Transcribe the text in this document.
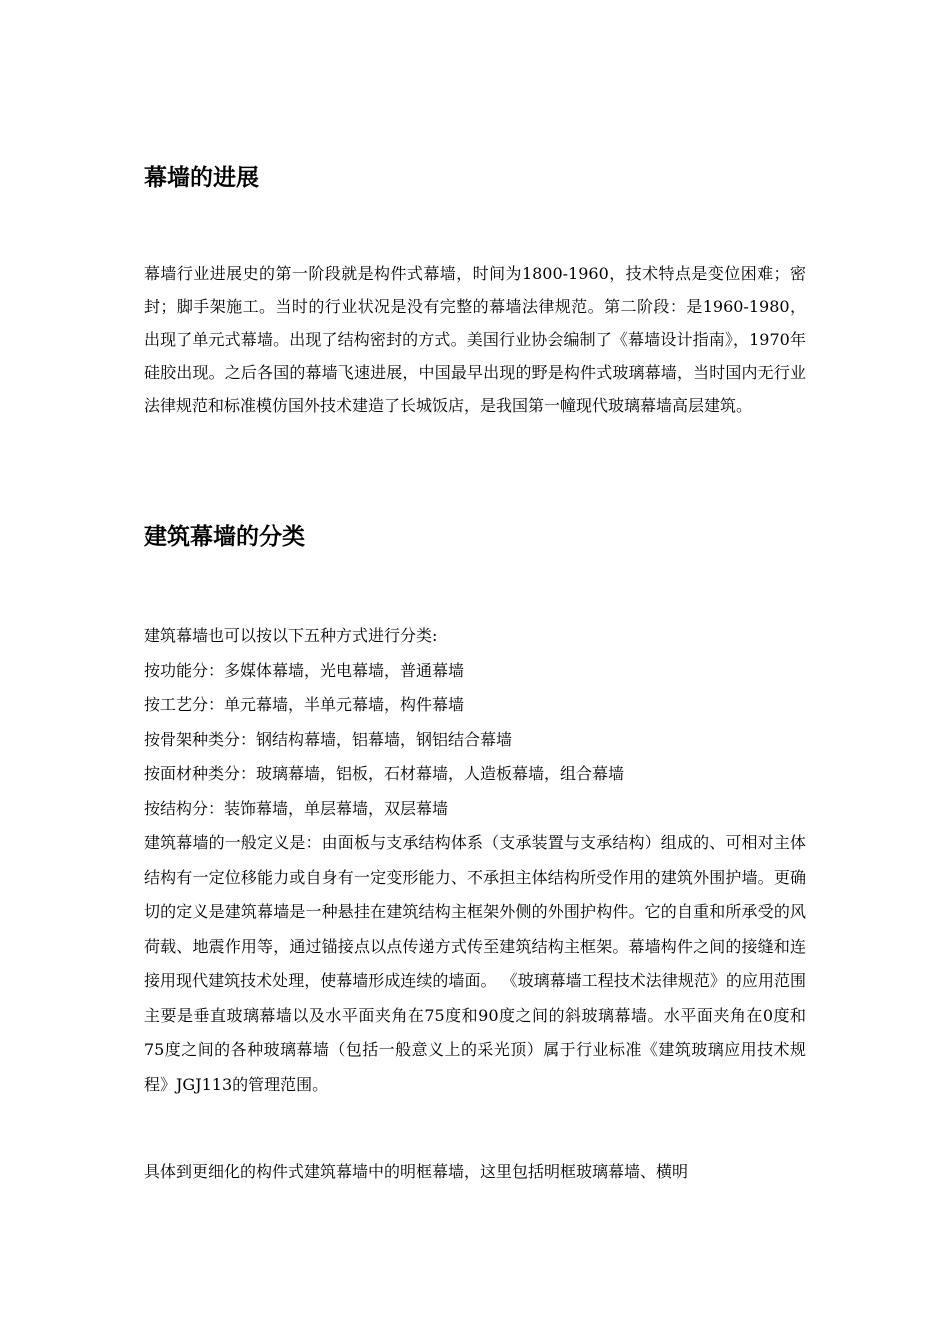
幕墙的进展

幕墙行业进展史的第一阶段就是构件式幕墙，时间为1800-1960，技术特点是变位困难；密封；脚手架施工。当时的行业状况是没有完整的幕墙法律规范。第二阶段：是1960-1980，出现了单元式幕墙。出现了结构密封的方式。美国行业协会编制了《幕墙设计指南》，1970年硅胶出现。之后各国的幕墙飞速进展，中国最早出现的野是构件式玻璃幕墙，当时国内无行业法律规范和标准模仿国外技术建造了长城饭店，是我国第一幢现代玻璃幕墙高层建筑。

建筑幕墙的分类
建筑幕墙也可以按以下五种方式进行分类:
按功能分：多媒体幕墙，光电幕墙，普通幕墙
按工艺分：单元幕墙，半单元幕墙，构件幕墙
按骨架种类分：钢结构幕墙，铝幕墙，钢铝结合幕墙
按面材种类分：玻璃幕墙，铝板，石材幕墙，人造板幕墙，组合幕墙
按结构分：装饰幕墙，单层幕墙，双层幕墙

建筑幕墙的一般定义是：由面板与支承结构体系（支承装置与支承结构）组成的、可相对主体结构有一定位移能力或自身有一定变形能力、不承担主体结构所受作用的建筑外围护墙。更确切的定义是建筑幕墙是一种悬挂在建筑结构主框架外侧的外围护构件。它的自重和所承受的风荷载、地震作用等，通过锚接点以点传递方式传至建筑结构主框架。幕墙构件之间的接缝和连接用现代建筑技术处理，使幕墙形成连续的墙面。 《玻璃幕墙工程技术法律规范》的应用范围主要是垂直玻璃幕墙以及水平面夹角在75度和90度之间的斜玻璃幕墙。水平面夹角在0度和75度之间的各种玻璃幕墙（包括一般意义上的采光顶）属于行业标准《建筑玻璃应用技术规程》JGJ113的管理范围。

具体到更细化的构件式建筑幕墙中的明框幕墙，这里包括明框玻璃幕墙、横明
